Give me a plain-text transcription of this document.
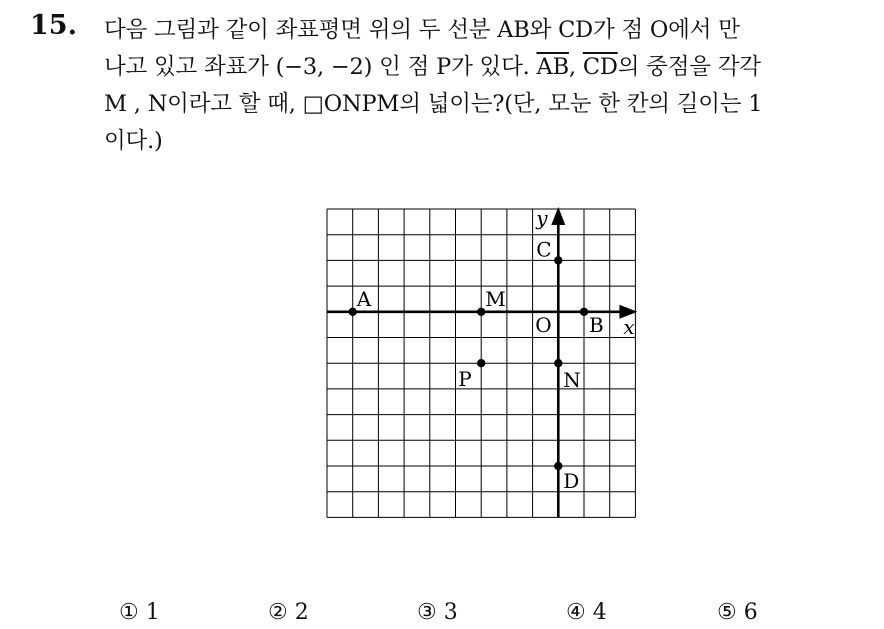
15. 다음 그림과 같이 좌표평면 위의 두 선분 AB와 CD가 점 O에서 만
나고 있고 좌표가 (−3, −2) 인 점 P가 있다. $\overline{AB}$, $\overline{CD}$의 중점을 각각
M , N이라고 할 때, □ONPM의 넓이는?(단, 모눈 한 칸의 길이는 1
이다.)
x
y
A	M
B
O
C
N
D
P
① 1	② 2	③ 3	④ 4	⑤ 6
